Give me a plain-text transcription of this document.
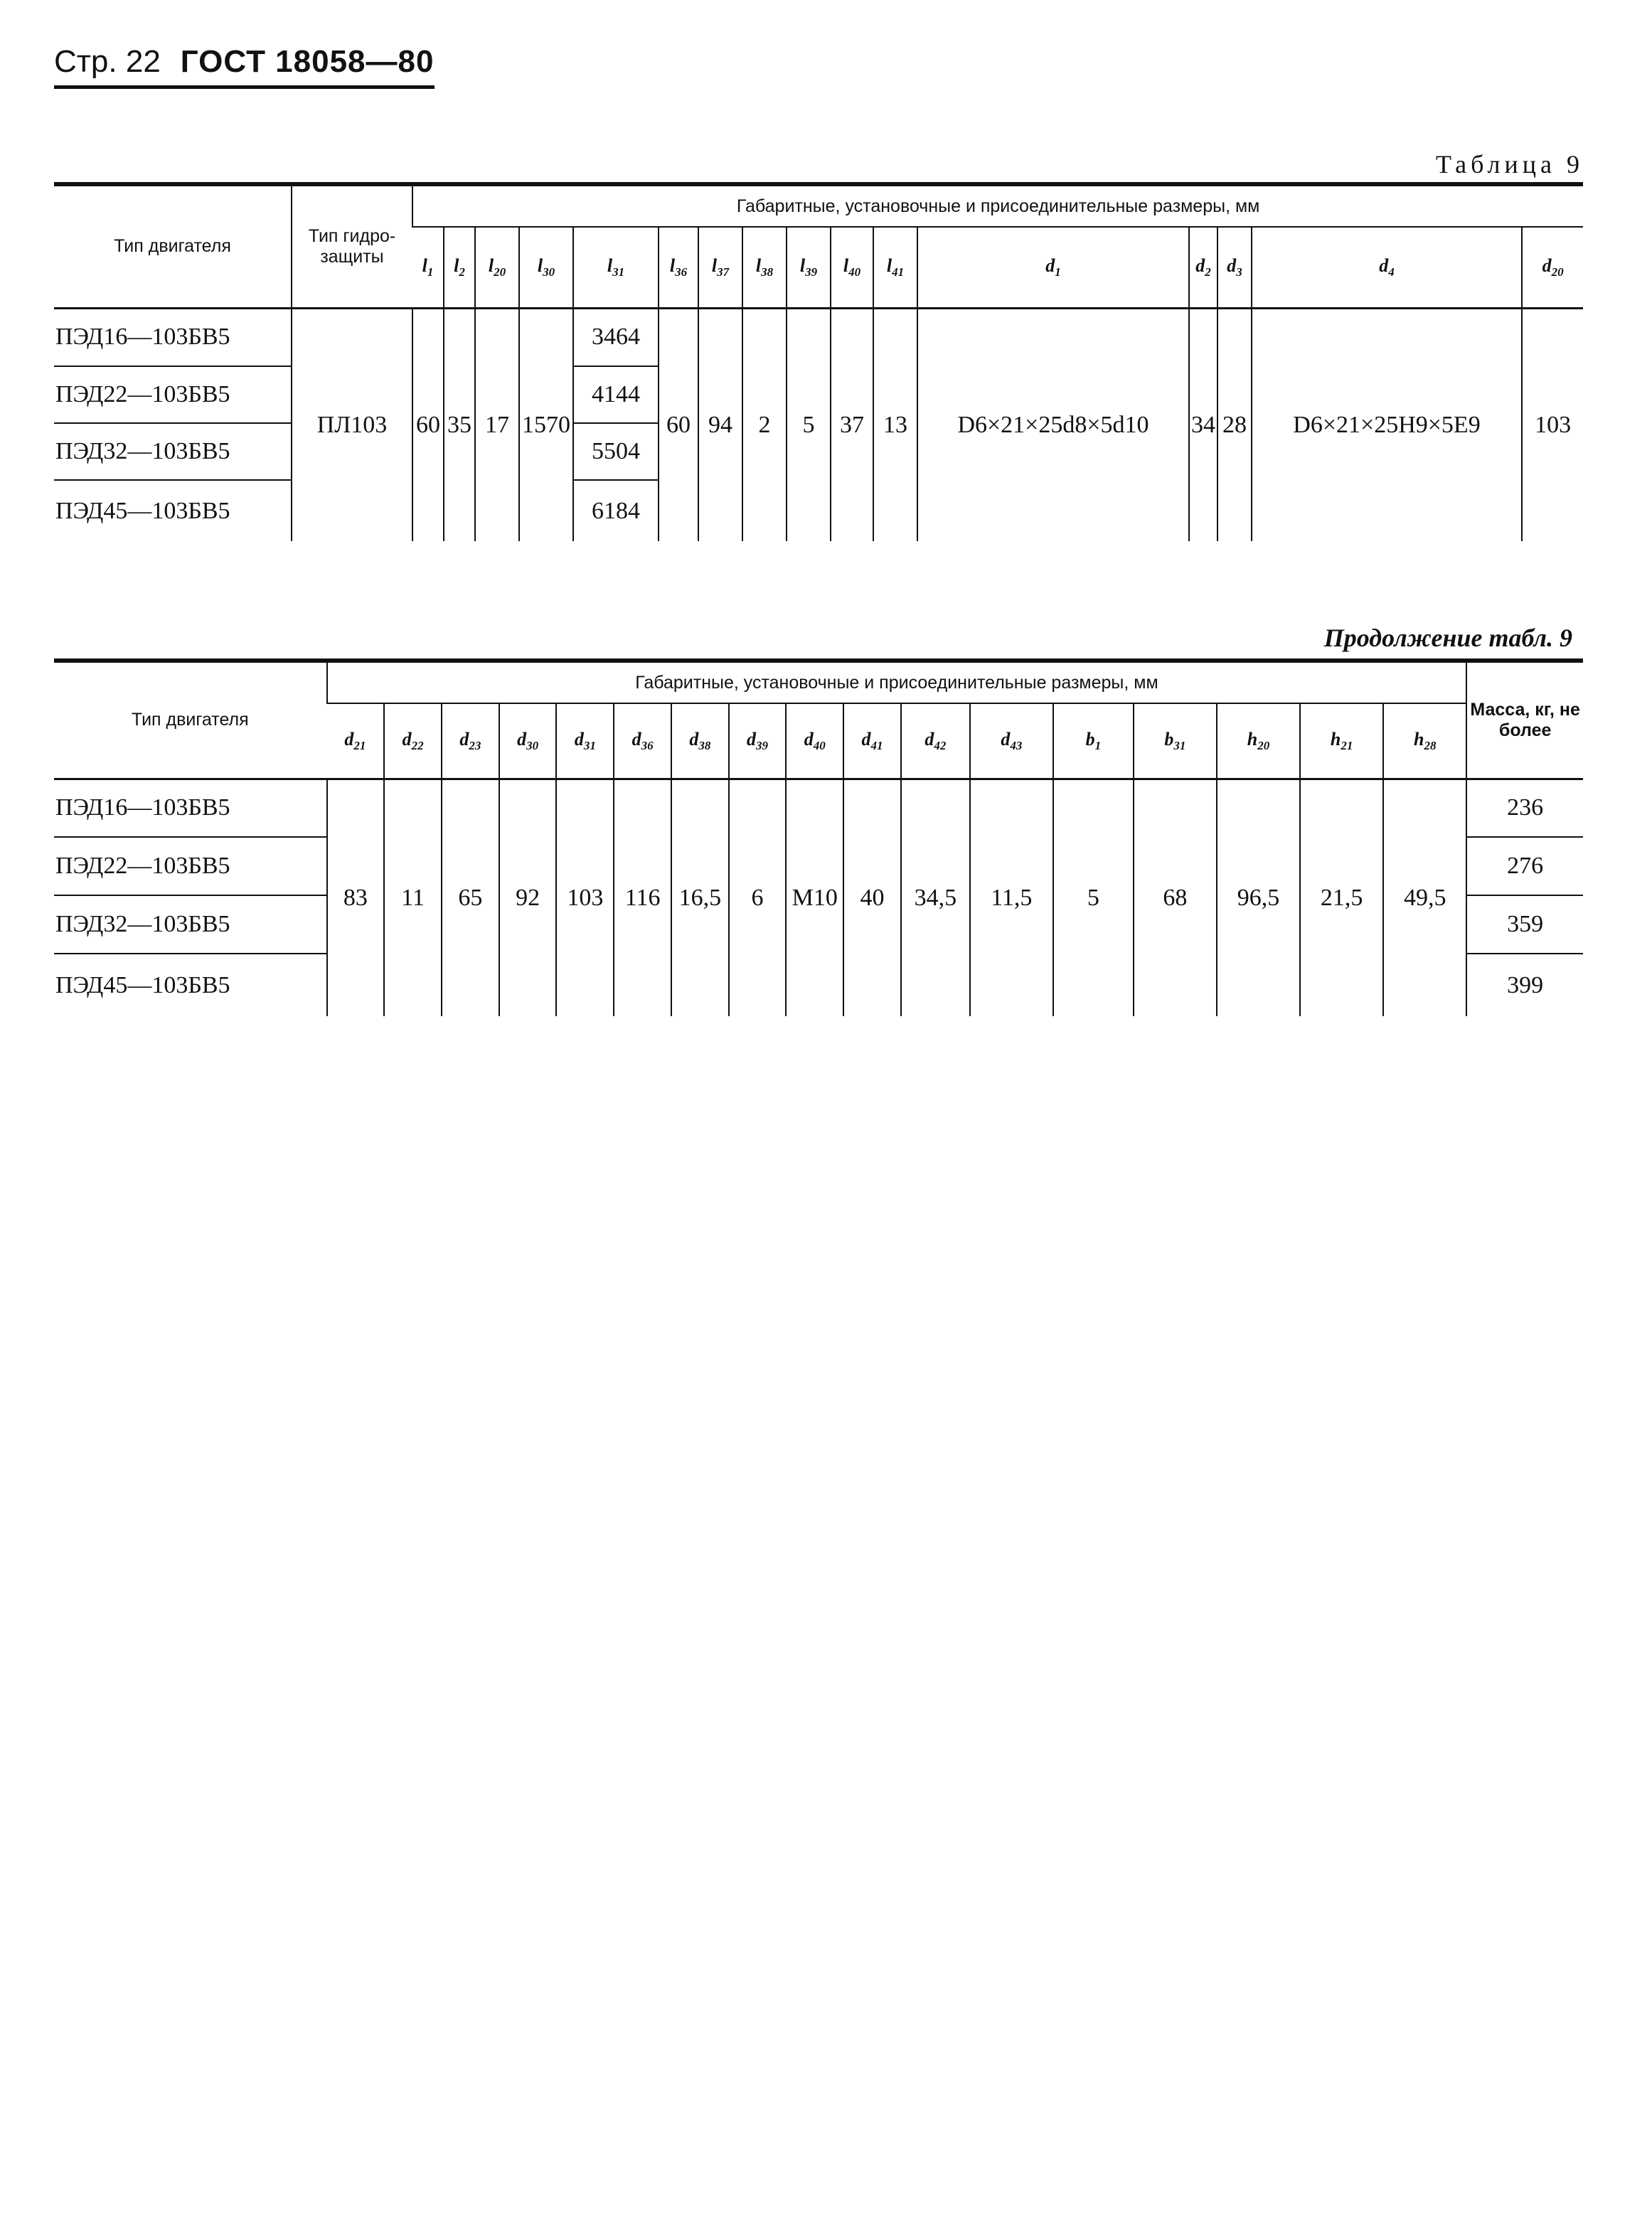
Стр. 22 ГОСТ 18058—80
Таблица 9
Тип двигателя	Тип гидрозащиты	Габаритные, установочные и присоединительные размеры, мм															
		$l_1$	$l_2$	$l_{20}$	$l_{30}$	$l_{31}$	$l_{36}$	$l_{37}$	$l_{38}$	$l_{39}$	$l_{40}$	$l_{41}$	$d_1$	$d_2$	$d_3$	$d_4$	$d_{20}$
ПЭД16—103БВ5	ПЛ103	60	35	17	1570	3464	60	94	2	5	37	13	D6×21×25d8×5d10	34	28	D6×21×25H9×5E9	103
ПЭД22—103БВ5						4144											
ПЭД32—103БВ5						5504											
ПЭД45—103БВ5						6184											
Продолжение табл. 9
Тип двигателя	Габаритные, установочные и присоединительные размеры, мм																	Масса, кг, не более
	$d_{21}$	$d_{22}$	$d_{23}$	$d_{30}$	$d_{31}$	$d_{36}$	$d_{38}$	$d_{39}$	$d_{40}$	$d_{41}$	$d_{42}$	$d_{43}$	$b_1$	$b_{31}$	$h_{20}$	$h_{21}$	$h_{28}$
ПЭД16—103БВ5	83	11	65	92	103	116	16,5	6	M10	40	34,5	11,5	5	68	96,5	21,5	49,5	236
ПЭД22—103БВ5																		276
ПЭД32—103БВ5																		359
ПЭД45—103БВ5																		399
